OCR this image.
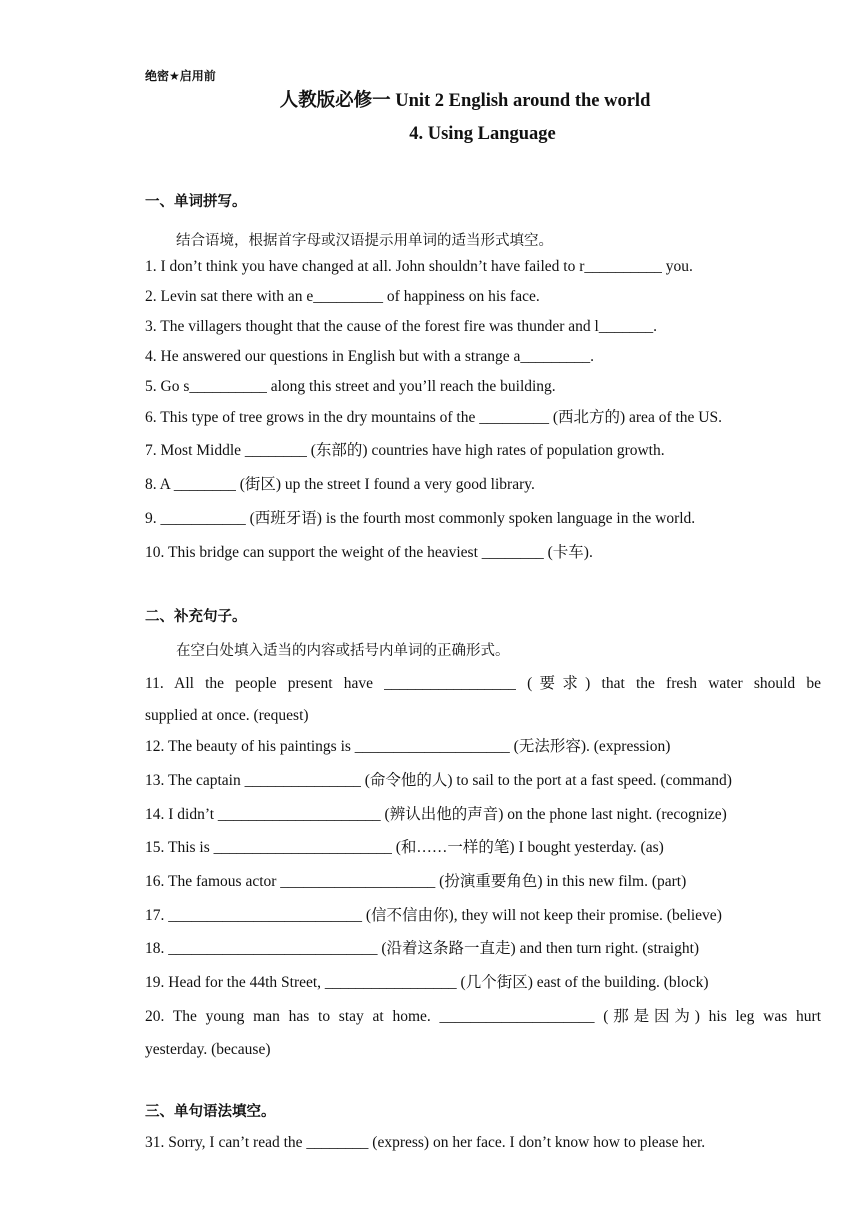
绝密★启用前
人教版必修一 Unit 2 English around the world
4. Using Language
一、单词拼写。
结合语境，根据首字母或汉语提示用单词的适当形式填空。
1. I don’t think you have changed at all. John shouldn’t have failed to r__________ you.
2. Levin sat there with an e_________ of happiness on his face.
3. The villagers thought that the cause of the forest fire was thunder and l_______.
4. He answered our questions in English but with a strange a_________.
5. Go s__________ along this street and you’ll reach the building.
6. This type of tree grows in the dry mountains of the _________ (西北方的) area of the US.
7. Most Middle ________ (东部的) countries have high rates of population growth.
8. A ________ (街区) up the street I found a very good library.
9. ___________ (西班牙语) is the fourth most commonly spoken language in the world.
10. This bridge can support the weight of the heaviest ________ (卡车).
二、补充句子。
在空白处填入适当的内容或括号内单词的正确形式。
11. All the people present have _________________ (要求) that the fresh water should be
supplied at once. (request)
12. The beauty of his paintings is ____________________ (无法形容). (expression)
13. The captain _______________ (命令他的人) to sail to the port at a fast speed. (command)
14. I didn’t _____________________ (辨认出他的声音) on the phone last night. (recognize)
15. This is _______________________ (和……一样的笔) I bought yesterday. (as)
16. The famous actor ____________________ (扮演重要角色) in this new film. (part)
17. _________________________ (信不信由你), they will not keep their promise. (believe)
18. ___________________________ (沿着这条路一直走) and then turn right. (straight)
19. Head for the 44th Street, _________________ (几个街区) east of the building. (block)
20. The young man has to stay at home. ____________________ (那是因为) his leg was hurt
yesterday. (because)
三、单句语法填空。
31. Sorry, I can’t read the ________ (express) on her face. I don’t know how to please her.
